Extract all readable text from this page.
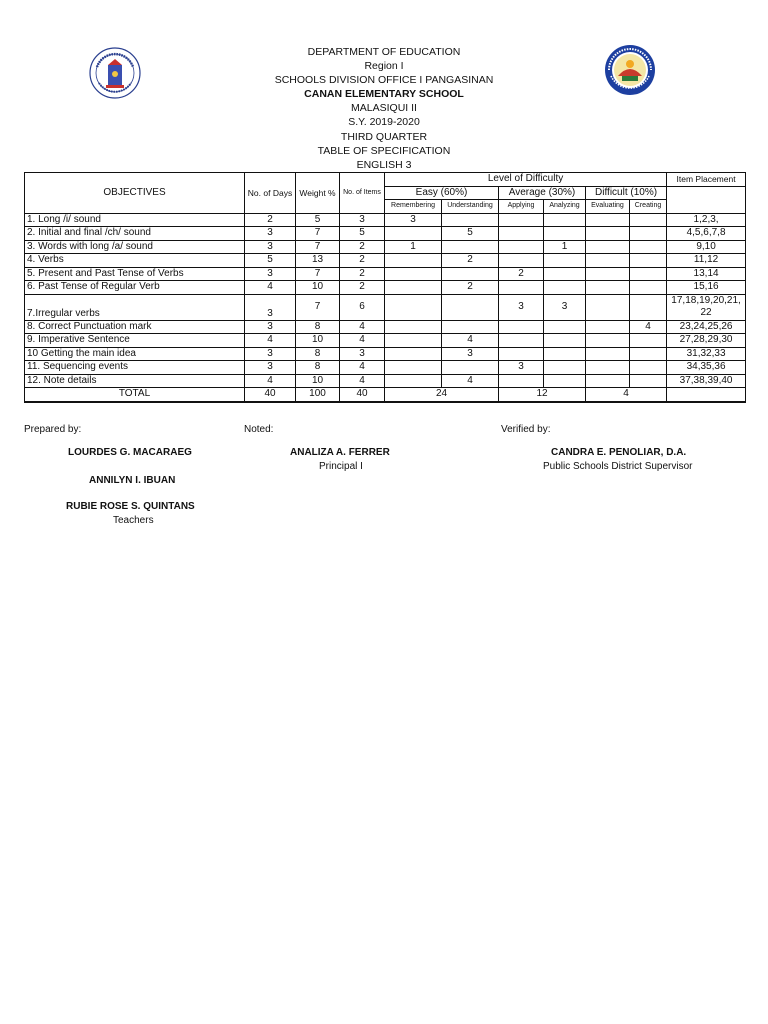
DEPARTMENT OF EDUCATION
Region I
SCHOOLS DIVISION OFFICE I PANGASINAN
CANAN ELEMENTARY SCHOOL
MALASIQUI II
S.Y. 2019-2020
THIRD QUARTER
TABLE OF SPECIFICATION
ENGLISH 3
OBJECTIVES	No. of Days	Weight %	No. of Items	Level of Difficulty						Item Placement
				Easy (60%)		Average (30%)		Difficult (10%)		
				Remembering	Understanding	Applying	Analyzing	Evaluating	Creating	
1. Long /i/ sound	2	5	3	3						1,2,3,
2. Initial and final /ch/ sound	3	7	5		5					4,5,6,7,8
3. Words with long /a/ sound	3	7	2	1			1			9,10
4. Verbs	5	13	2		2					11,12
5. Present and Past Tense of Verbs	3	7	2			2				13,14
6. Past Tense of Regular Verb	4	10	2		2					15,16
7.Irregular verbs	3	7	6			3	3			17,18,19,20,21, 22
8. Correct Punctuation mark	3	8	4						4	23,24,25,26
9. Imperative Sentence	4	10	4		4					27,28,29,30
10 Getting the main idea	3	8	3		3					31,32,33
11. Sequencing events	3	8	4			3				34,35,36
12. Note details	4	10	4		4					37,38,39,40
TOTAL	40	100	40	24		12		4		
Prepared by:	Noted:	Verified by:
LOURDES G. MACARAEG	ANALIZA A. FERRER	CANDRA E. PENOLIAR, D.A.
Principal I	Public Schools District Supervisor
ANNILYN I. IBUAN
RUBIE ROSE S. QUINTANS
Teachers
